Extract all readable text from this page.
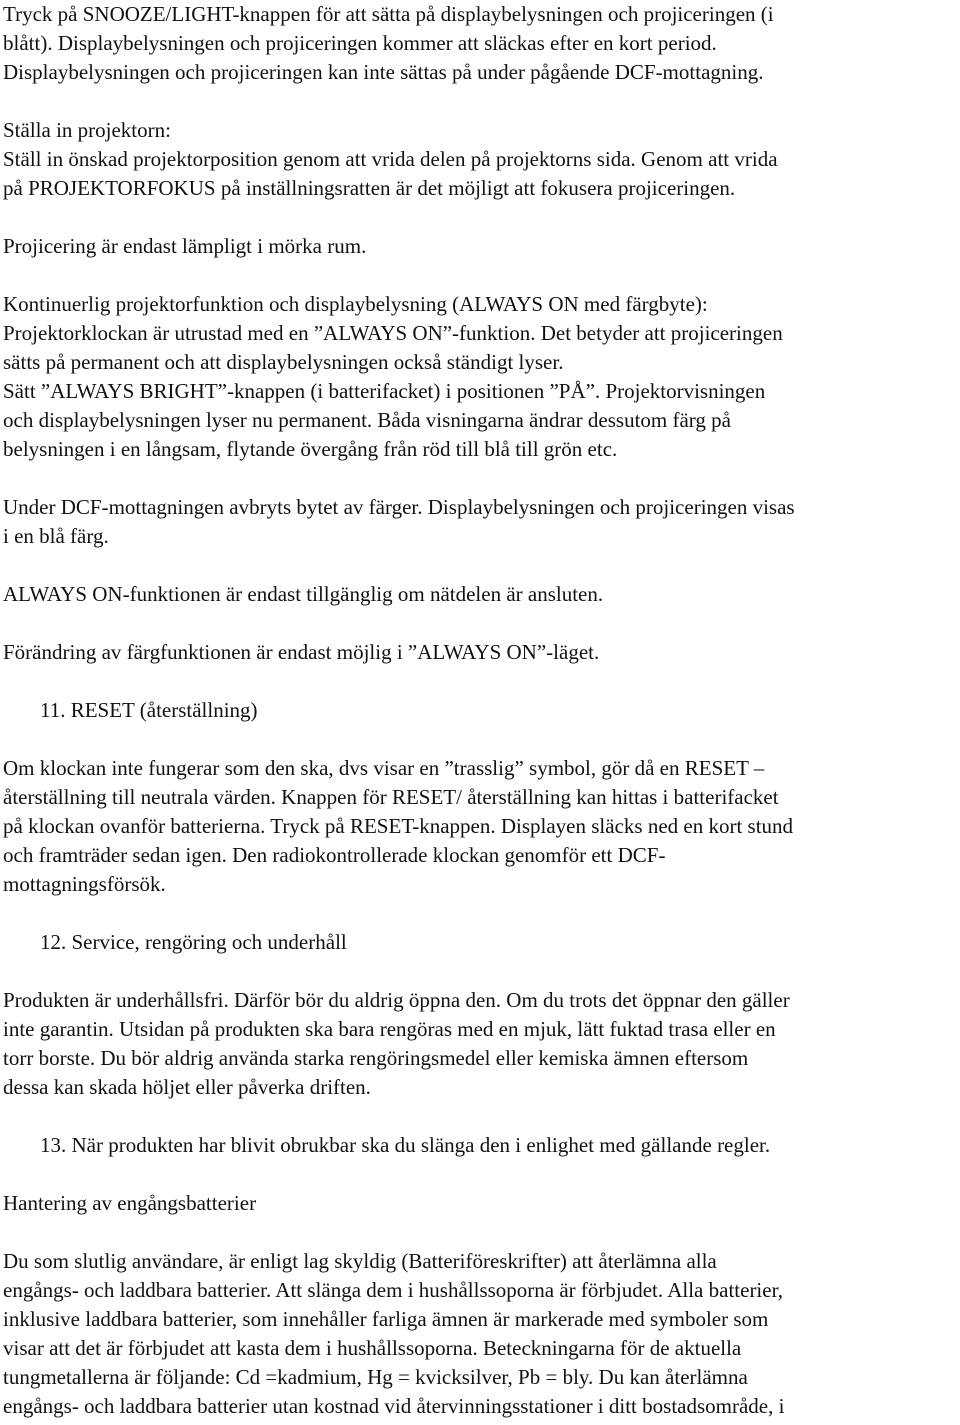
Tryck på SNOOZE/LIGHT-knappen för att sätta på displaybelysningen och projiceringen (i
blått). Displaybelysningen och projiceringen kommer att släckas efter en kort period.
Displaybelysningen och projiceringen kan inte sättas på under pågående DCF-mottagning.
Ställa in projektorn:
Ställ in önskad projektorposition genom att vrida delen på projektorns sida. Genom att vrida
på PROJEKTORFOKUS på inställningsratten är det möjligt att fokusera projiceringen.
Projicering är endast lämpligt i mörka rum.
Kontinuerlig projektorfunktion och displaybelysning (ALWAYS ON med färgbyte):
Projektorklockan är utrustad med en ”ALWAYS ON”-funktion. Det betyder att projiceringen
sätts på permanent och att displaybelysningen också ständigt lyser.
Sätt ”ALWAYS BRIGHT”-knappen (i batterifacket) i positionen ”PÅ”. Projektorvisningen
och displaybelysningen lyser nu permanent. Båda visningarna ändrar dessutom färg på
belysningen i en långsam, flytande övergång från röd till blå till grön etc.
Under DCF-mottagningen avbryts bytet av färger. Displaybelysningen och projiceringen visas
i en blå färg.
ALWAYS ON-funktionen är endast tillgänglig om nätdelen är ansluten.
Förändring av färgfunktionen är endast möjlig i ”ALWAYS ON”-läget.
11. RESET (återställning)
Om klockan inte fungerar som den ska, dvs visar en ”trasslig” symbol, gör då en RESET –
återställning till neutrala värden. Knappen för RESET/ återställning kan hittas i batterifacket
på klockan ovanför batterierna. Tryck på RESET-knappen. Displayen släcks ned en kort stund
och framträder sedan igen. Den radiokontrollerade klockan genomför ett DCF-
mottagningsförsök.
12. Service, rengöring och underhåll
Produkten är underhållsfri. Därför bör du aldrig öppna den. Om du trots det öppnar den gäller
inte garantin. Utsidan på produkten ska bara rengöras med en mjuk, lätt fuktad trasa eller en
torr borste. Du bör aldrig använda starka rengöringsmedel eller kemiska ämnen eftersom
dessa kan skada höljet eller påverka driften.
13. När produkten har blivit obrukbar ska du slänga den i enlighet med gällande regler.
Hantering av engångsbatterier
Du som slutlig användare, är enligt lag skyldig (Batteriföreskrifter) att återlämna alla
engångs- och laddbara batterier. Att slänga dem i hushållssoporna är förbjudet. Alla batterier,
inklusive laddbara batterier, som innehåller farliga ämnen är markerade med symboler som
visar att det är förbjudet att kasta dem i hushållssoporna. Beteckningarna för de aktuella
tungmetallerna är följande: Cd =kadmium, Hg = kvicksilver, Pb = bly. Du kan återlämna
engångs- och laddbara batterier utan kostnad vid återvinningsstationer i ditt bostadsområde, i
